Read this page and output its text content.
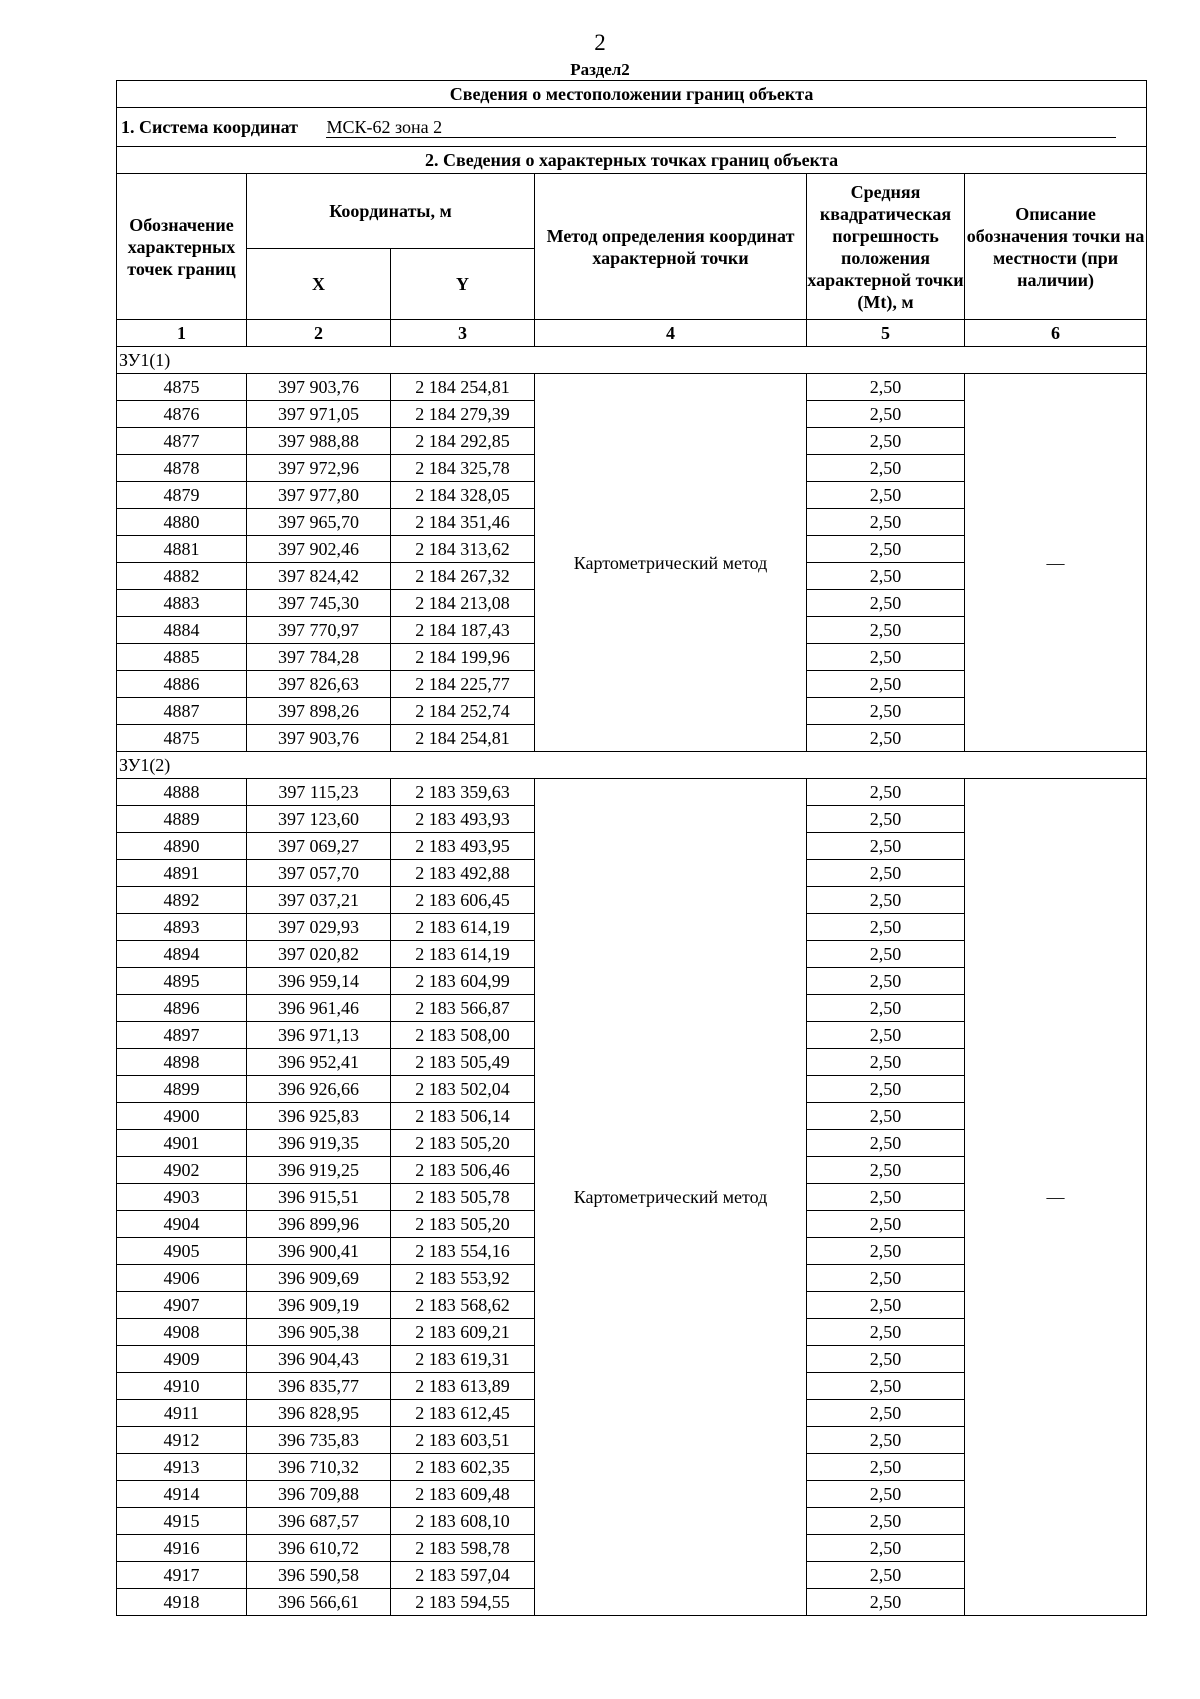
2
Раздел2
Сведения о местоположении границ объекта					
1. Система координат МСК-62 зона 2					
2. Сведения о характерных точках границ объекта					
Обозначение характерных точек границ	Координаты, м		Метод определения координат характерной точки	Средняя квадратическая погрешность положения характерной точки (Mt), м	Описание обозначения точки на местности (при наличии)
	X	Y			
1	2	3	4	5	6
ЗУ1(1)					
4875	397 903,76	2 184 254,81	Картометрический метод	2,50	—
4876	397 971,05	2 184 279,39		2,50	
4877	397 988,88	2 184 292,85		2,50	
4878	397 972,96	2 184 325,78		2,50	
4879	397 977,80	2 184 328,05		2,50	
4880	397 965,70	2 184 351,46		2,50	
4881	397 902,46	2 184 313,62		2,50	
4882	397 824,42	2 184 267,32		2,50	
4883	397 745,30	2 184 213,08		2,50	
4884	397 770,97	2 184 187,43		2,50	
4885	397 784,28	2 184 199,96		2,50	
4886	397 826,63	2 184 225,77		2,50	
4887	397 898,26	2 184 252,74		2,50	
4875	397 903,76	2 184 254,81		2,50	
ЗУ1(2)					
4888	397 115,23	2 183 359,63	Картометрический метод	2,50	—
4889	397 123,60	2 183 493,93		2,50	
4890	397 069,27	2 183 493,95		2,50	
4891	397 057,70	2 183 492,88		2,50	
4892	397 037,21	2 183 606,45		2,50	
4893	397 029,93	2 183 614,19		2,50	
4894	397 020,82	2 183 614,19		2,50	
4895	396 959,14	2 183 604,99		2,50	
4896	396 961,46	2 183 566,87		2,50	
4897	396 971,13	2 183 508,00		2,50	
4898	396 952,41	2 183 505,49		2,50	
4899	396 926,66	2 183 502,04		2,50	
4900	396 925,83	2 183 506,14		2,50	
4901	396 919,35	2 183 505,20		2,50	
4902	396 919,25	2 183 506,46		2,50	
4903	396 915,51	2 183 505,78		2,50	
4904	396 899,96	2 183 505,20		2,50	
4905	396 900,41	2 183 554,16		2,50	
4906	396 909,69	2 183 553,92		2,50	
4907	396 909,19	2 183 568,62		2,50	
4908	396 905,38	2 183 609,21		2,50	
4909	396 904,43	2 183 619,31		2,50	
4910	396 835,77	2 183 613,89		2,50	
4911	396 828,95	2 183 612,45		2,50	
4912	396 735,83	2 183 603,51		2,50	
4913	396 710,32	2 183 602,35		2,50	
4914	396 709,88	2 183 609,48		2,50	
4915	396 687,57	2 183 608,10		2,50	
4916	396 610,72	2 183 598,78		2,50	
4917	396 590,58	2 183 597,04		2,50	
4918	396 566,61	2 183 594,55		2,50	
